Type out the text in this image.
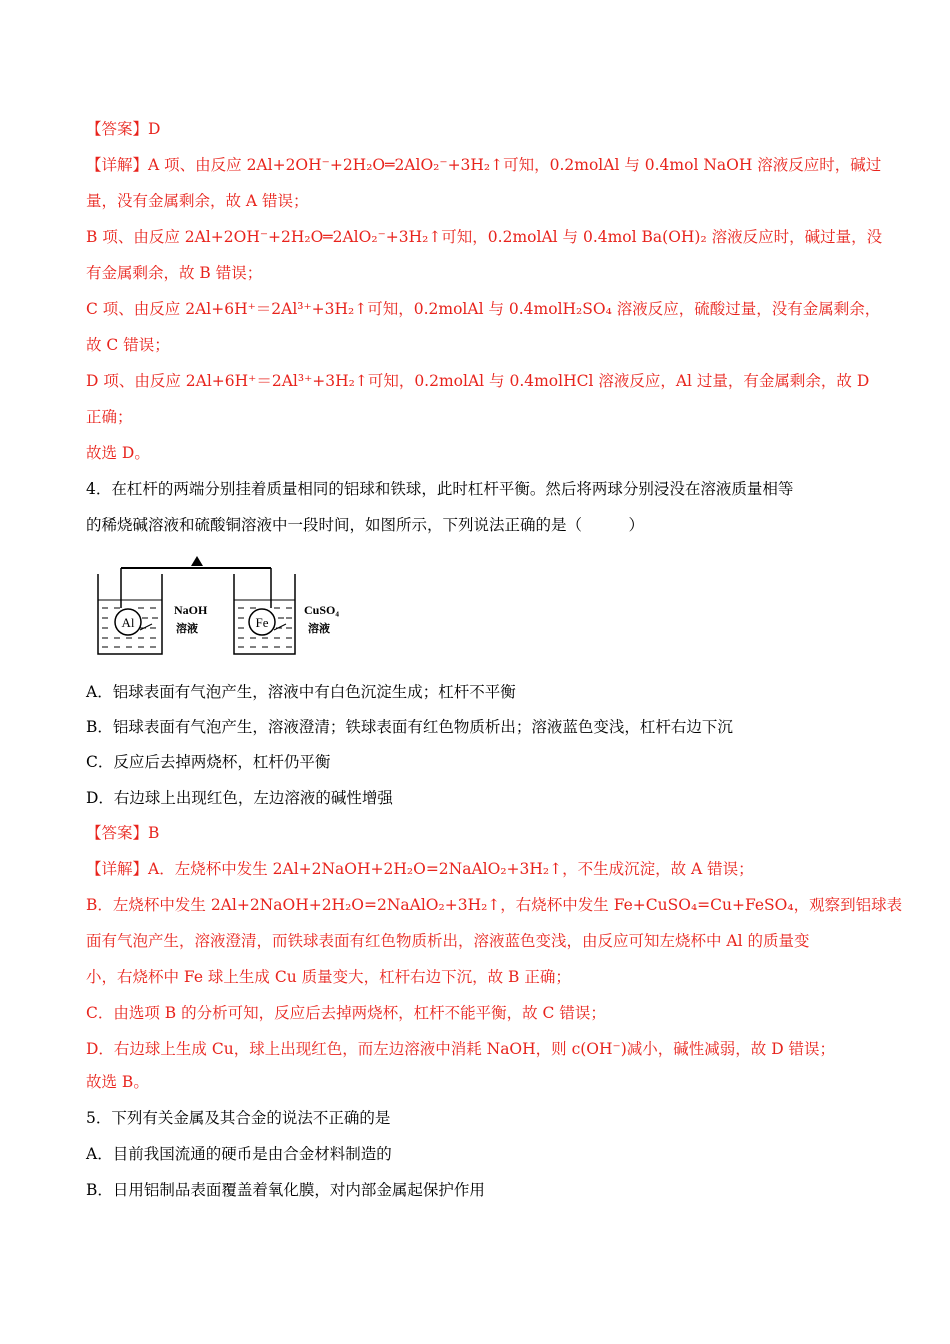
【答案】D
【详解】A 项、由反应 2Al+2OH⁻+2H₂O═2AlO₂⁻+3H₂↑可知，0.2molAl 与 0.4mol NaOH 溶液反应时，碱过
量，没有金属剩余，故 A 错误；
B 项、由反应 2Al+2OH⁻+2H₂O═2AlO₂⁻+3H₂↑可知，0.2molAl 与 0.4mol Ba(OH)₂ 溶液反应时，碱过量，没
有金属剩余，故 B 错误；
C 项、由反应 2Al+6H⁺＝2Al³⁺+3H₂↑可知，0.2molAl 与 0.4molH₂SO₄ 溶液反应，硫酸过量，没有金属剩余，
故 C 错误；
D 项、由反应 2Al+6H⁺＝2Al³⁺+3H₂↑可知，0.2molAl 与 0.4molHCl 溶液反应，Al 过量，有金属剩余，故 D
正确；
故选 D。
4．在杠杆的两端分别挂着质量相同的铝球和铁球，此时杠杆平衡。然后将两球分别浸没在溶液质量相等
的稀烧碱溶液和硫酸铜溶液中一段时间，如图所示，下列说法正确的是（　　　）
Al
NaOH
溶液	Fe
CuSO₄
溶液
A．铝球表面有气泡产生，溶液中有白色沉淀生成；杠杆不平衡
B．铝球表面有气泡产生，溶液澄清；铁球表面有红色物质析出；溶液蓝色变浅，杠杆右边下沉
C．反应后去掉两烧杯，杠杆仍平衡
D．右边球上出现红色，左边溶液的碱性增强
【答案】B
【详解】A．左烧杯中发生 2Al+2NaOH+2H₂O=2NaAlO₂+3H₂↑，不生成沉淀，故 A 错误；
B．左烧杯中发生 2Al+2NaOH+2H₂O=2NaAlO₂+3H₂↑，右烧杯中发生 Fe+CuSO₄=Cu+FeSO₄，观察到铝球表
面有气泡产生，溶液澄清，而铁球表面有红色物质析出，溶液蓝色变浅，由反应可知左烧杯中 Al 的质量变
小，右烧杯中 Fe 球上生成 Cu 质量变大，杠杆右边下沉，故 B 正确；
C．由选项 B 的分析可知，反应后去掉两烧杯，杠杆不能平衡，故 C 错误；
D．右边球上生成 Cu，球上出现红色，而左边溶液中消耗 NaOH，则 c(OH⁻)减小，碱性减弱，故 D 错误；
故选 B。
5．下列有关金属及其合金的说法不正确的是
A．目前我国流通的硬币是由合金材料制造的
B．日用铝制品表面覆盖着氧化膜，对内部金属起保护作用
